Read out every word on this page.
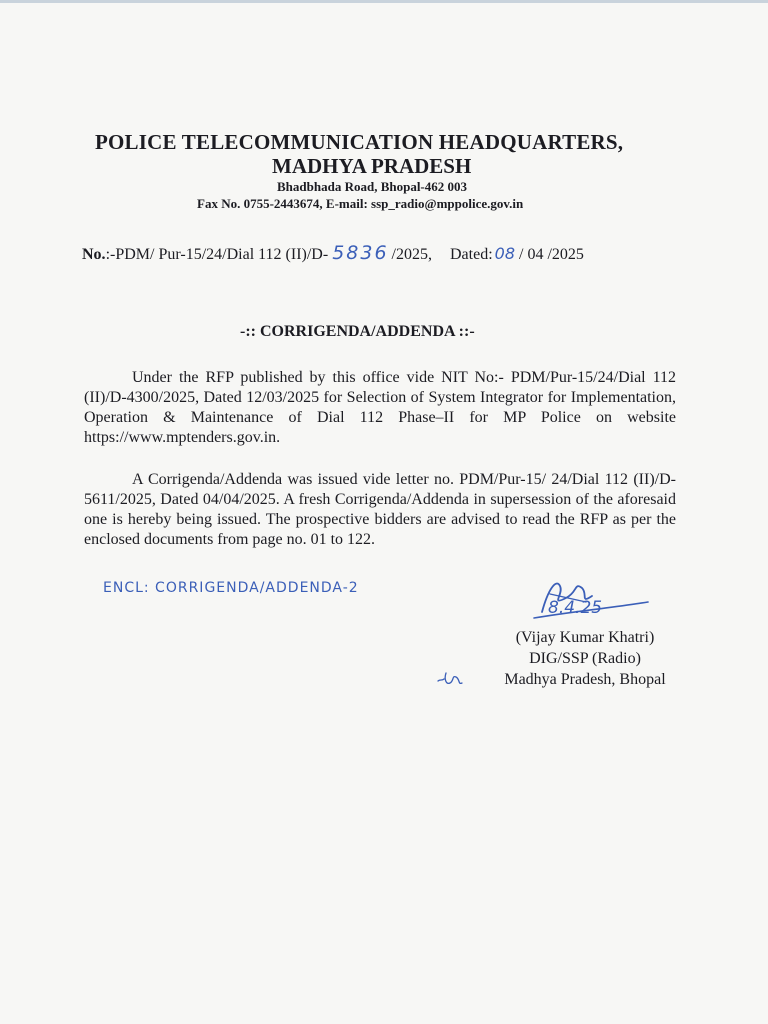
POLICE TELECOMMUNICATION HEADQUARTERS,
MADHYA PRADESH
Bhadbhada Road, Bhopal-462 003
Fax No. 0755-2443674, E-mail: ssp_radio@mppolice.gov.in
No.:-PDM/ Pur-15/24/Dial 112 (II)/D- 5836 /2025, Dated: 08 / 04 /2025
-:: CORRIGENDA/ADDENDA ::-

Under the RFP published by this office vide NIT No:- PDM/Pur-15/24/Dial 112 (II)/D-4300/2025, Dated 12/03/2025 for Selection of System Integrator for Implementation, Operation & Maintenance of Dial 112 Phase–II for MP Police on website https://www.mptenders.gov.in.

A Corrigenda/Addenda was issued vide letter no. PDM/Pur-15/ 24/Dial 112 (II)/D-5611/2025, Dated 04/04/2025. A fresh Corrigenda/Addenda in supersession of the aforesaid one is hereby being issued. The prospective bidders are advised to read the RFP as per the enclosed documents from page no. 01 to 122.

ENCL: CORRIGENDA/ADDENDA-2
8.4.25
(Vijay Kumar Khatri)
DIG/SSP (Radio)
Madhya Pradesh, Bhopal
